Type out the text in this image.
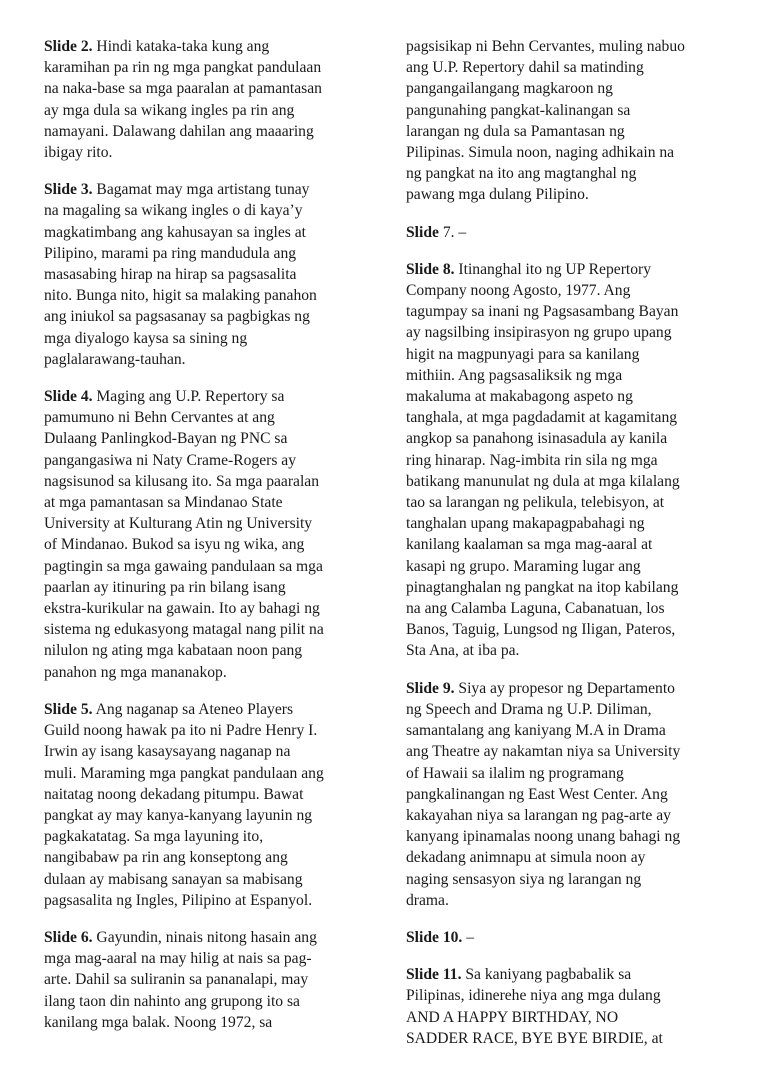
Slide 2. Hindi kataka-taka kung ang
karamihan pa rin ng mga pangkat pandulaan
na naka-base sa mga paaralan at pamantasan
ay mga dula sa wikang ingles pa rin ang
namayani. Dalawang dahilan ang maaaring
ibigay rito.

Slide 3. Bagamat may mga artistang tunay
na magaling sa wikang ingles o di kaya’y
magkatimbang ang kahusayan sa ingles at
Pilipino, marami pa ring mandudula ang
masasabing hirap na hirap sa pagsasalita
nito. Bunga nito, higit sa malaking panahon
ang iniukol sa pagsasanay sa pagbigkas ng
mga diyalogo kaysa sa sining ng
paglalarawang-tauhan.

Slide 4. Maging ang U.P. Repertory sa
pamumuno ni Behn Cervantes at ang
Dulaang Panlingkod-Bayan ng PNC sa
pangangasiwa ni Naty Crame-Rogers ay
nagsisunod sa kilusang ito. Sa mga paaralan
at mga pamantasan sa Mindanao State
University at Kulturang Atin ng University
of Mindanao. Bukod sa isyu ng wika, ang
pagtingin sa mga gawaing pandulaan sa mga
paarlan ay itinuring pa rin bilang isang
ekstra-kurikular na gawain. Ito ay bahagi ng
sistema ng edukasyong matagal nang pilit na
nilulon ng ating mga kabataan noon pang
panahon ng mga mananakop.

Slide 5. Ang naganap sa Ateneo Players
Guild noong hawak pa ito ni Padre Henry I.
Irwin ay isang kasaysayang naganap na
muli. Maraming mga pangkat pandulaan ang
naitatag noong dekadang pitumpu. Bawat
pangkat ay may kanya-kanyang layunin ng
pagkakatatag. Sa mga layuning ito,
nangibabaw pa rin ang konseptong ang
dulaan ay mabisang sanayan sa mabisang
pagsasalita ng Ingles, Pilipino at Espanyol.

Slide 6. Gayundin, ninais nitong hasain ang
mga mag-aaral na may hilig at nais sa pag-
arte. Dahil sa suliranin sa pananalapi, may
ilang taon din nahinto ang grupong ito sa
kanilang mga balak. Noong 1972, sa

pagsisikap ni Behn Cervantes, muling nabuo
ang U.P. Repertory dahil sa matinding
pangangailangang magkaroon ng
pangunahing pangkat-kalinangan sa
larangan ng dula sa Pamantasan ng
Pilipinas. Simula noon, naging adhikain na
ng pangkat na ito ang magtanghal ng
pawang mga dulang Pilipino.

Slide 7. –

Slide 8. Itinanghal ito ng UP Repertory
Company noong Agosto, 1977. Ang
tagumpay sa inani ng Pagsasambang Bayan
ay nagsilbing insipirasyon ng grupo upang
higit na magpunyagi para sa kanilang
mithiin. Ang pagsasaliksik ng mga
makaluma at makabagong aspeto ng
tanghala, at mga pagdadamit at kagamitang
angkop sa panahong isinasadula ay kanila
ring hinarap. Nag-imbita rin sila ng mga
batikang manunulat ng dula at mga kilalang
tao sa larangan ng pelikula, telebisyon, at
tanghalan upang makapagpabahagi ng
kanilang kaalaman sa mga mag-aaral at
kasapi ng grupo. Maraming lugar ang
pinagtanghalan ng pangkat na itop kabilang
na ang Calamba Laguna, Cabanatuan, los
Banos, Taguig, Lungsod ng Iligan, Pateros,
Sta Ana, at iba pa.

Slide 9. Siya ay propesor ng Departamento
ng Speech and Drama ng U.P. Diliman,
samantalang ang kaniyang M.A in Drama
ang Theatre ay nakamtan niya sa University
of Hawaii sa ilalim ng programang
pangkalinangan ng East West Center. Ang
kakayahan niya sa larangan ng pag-arte ay
kanyang ipinamalas noong unang bahagi ng
dekadang animnapu at simula noon ay
naging sensasyon siya ng larangan ng
drama.

Slide 10. –

Slide 11. Sa kaniyang pagbabalik sa
Pilipinas, idinerehe niya ang mga dulang
AND A HAPPY BIRTHDAY, NO
SADDER RACE, BYE BYE BIRDIE, at
